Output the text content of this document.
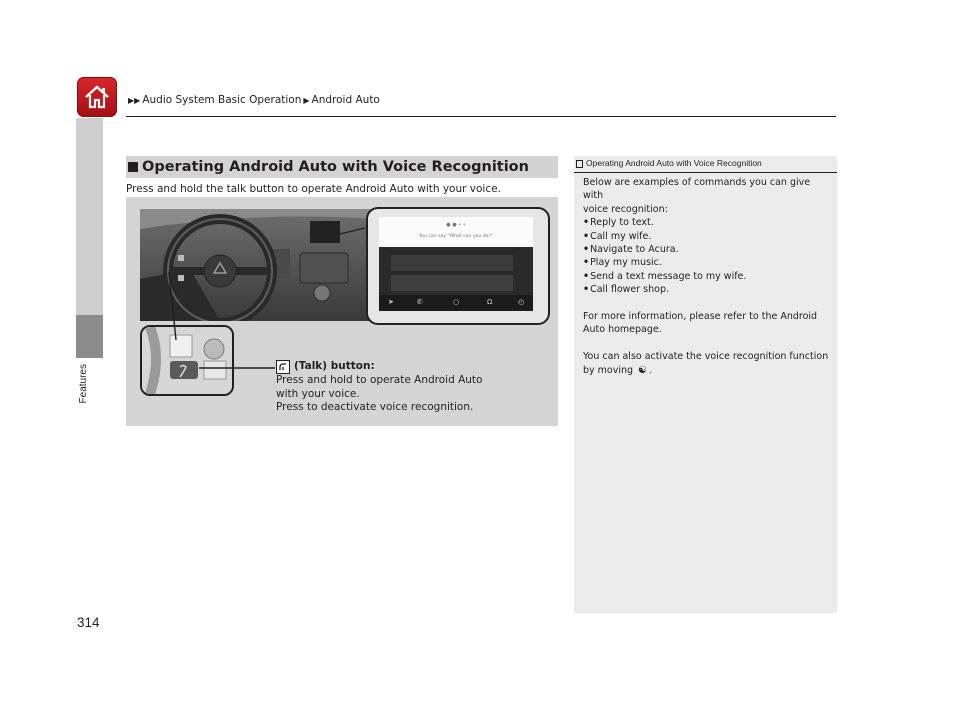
▶▶ Audio System Basic Operation ▶ Android Auto
Features
314
Operating Android Auto with Voice Recognition
Press and hold the talk button to operate Android Auto with your voice.
● ● • •
You can say "What can you do?"
➤	✆	○	Ω	◴
(Talk) button:
Press and hold to operate Android Auto
with your voice.
Press to deactivate voice recognition.
Operating Android Auto with Voice Recognition

Below are examples of commands you can give with

voice recognition:

• Reply to text.

• Call my wife.

• Navigate to Acura.

• Play my music.

• Send a text message to my wife.

• Call flower shop.

For more information, please refer to the Android

Auto homepage.

You can also activate the voice recognition function

by moving ☯ .
